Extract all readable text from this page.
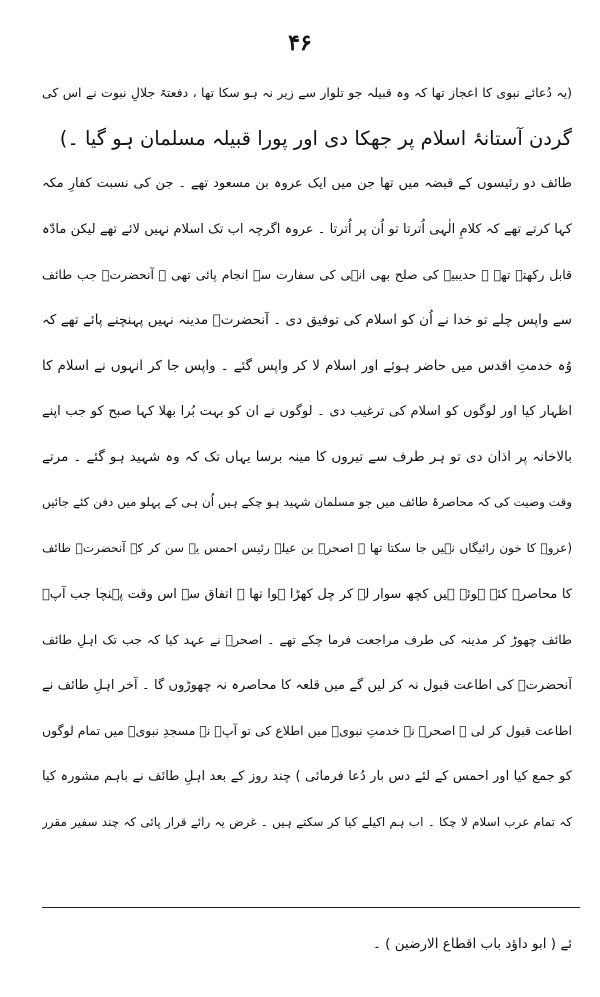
۴۶
(یہ دُعائے نبوی کا اعجاز تھا کہ وہ قبیلہ جو تلوار سے زیر نہ ہو سکا تھا ، دفعتہً جلالِ نبوت نے اس کی
گردن آستانۂ اسلام پر جھکا دی اور پورا قبیلہ مسلمان ہو گیا ۔)
طائف دو رئیسوں کے قبضہ میں تھا جن میں ایک عروہ بن مسعود تھے ۔ جن کی نسبت کفارِ مکہ
کہا کرتے تھے کہ کلامِ الٰہی اُترتا تو اُن پر اُترتا ۔ عروہ اگرچہ اب تک اسلام نہیں لائے تھے لیکن مادّہ
قابل رکھتے تھے ۔ حدیبیہ کی صلح بھی انہی کی سفارت سے انجام پائی تھی ۔ آنحضرتؐ جب طائف
سے واپس چلے تو خدا نے اُن کو اسلام کی توفیق دی ۔ آنحضرتؐ مدینہ نہیں پہنچنے پائے تھے کہ
وُہ خدمتِ اقدس میں حاضر ہوئے اور اسلام لا کر واپس گئے ۔ واپس جا کر انہوں نے اسلام کا
اظہار کیا اور لوگوں کو اسلام کی ترغیب دی ۔ لوگوں نے ان کو بہت بُرا بھلا کہا صبح کو جب اپنے
بالاخانہ پر اذان دی تو ہر طرف سے تیروں کا مینہ برسا یہاں تک کہ وہ شہید ہو گئے ۔ مرتے
وقت وصیت کی کہ محاصرۂ طائف میں جو مسلمان شہید ہو چکے ہیں اُن ہی کے پہلو میں دفن کئے جائیں
(عروہ کا خون رائیگاں نہیں جا سکتا تھا ۔ اصحرؓ بن عیلہ رئیس احمس یہ سن کر کہ آنحضرتؐ طائف
کا محاصرہ کئے ہوئے ہیں کچھ سوار لے کر چل کھڑا ہوا تھا ۔ اتفاق سے اس وقت پہنچا جب آپؐ
طائف چھوڑ کر مدینہ کی طرف مراجعت فرما چکے تھے ۔ اصحرؓ نے عہد کیا کہ جب تک اہلِ طائف
آنحضرتؐ کی اطاعت قبول نہ کر لیں گے میں قلعہ کا محاصرہ نہ چھوڑوں گا ۔ آخر اہلِ طائف نے
اطاعت قبول کر لی ۔ اصحرؓ نے خدمتِ نبویؐ میں اطلاع کی تو آپؐ نے مسجدِ نبویؐ میں تمام لوگوں
کو جمع کیا اور احمس کے لئے دس بار دُعا فرمائی ) چند روز کے بعد اہلِ طائف نے باہم مشورہ کیا
کہ تمام عرب اسلام لا چکا ۔ اب ہم اکیلے کیا کر سکتے ہیں ۔ غرض یہ رائے قرار پائی کہ چند سفیر مقرر
ئے ( ابو داؤد باب اقطاع الارضین ) ۔
